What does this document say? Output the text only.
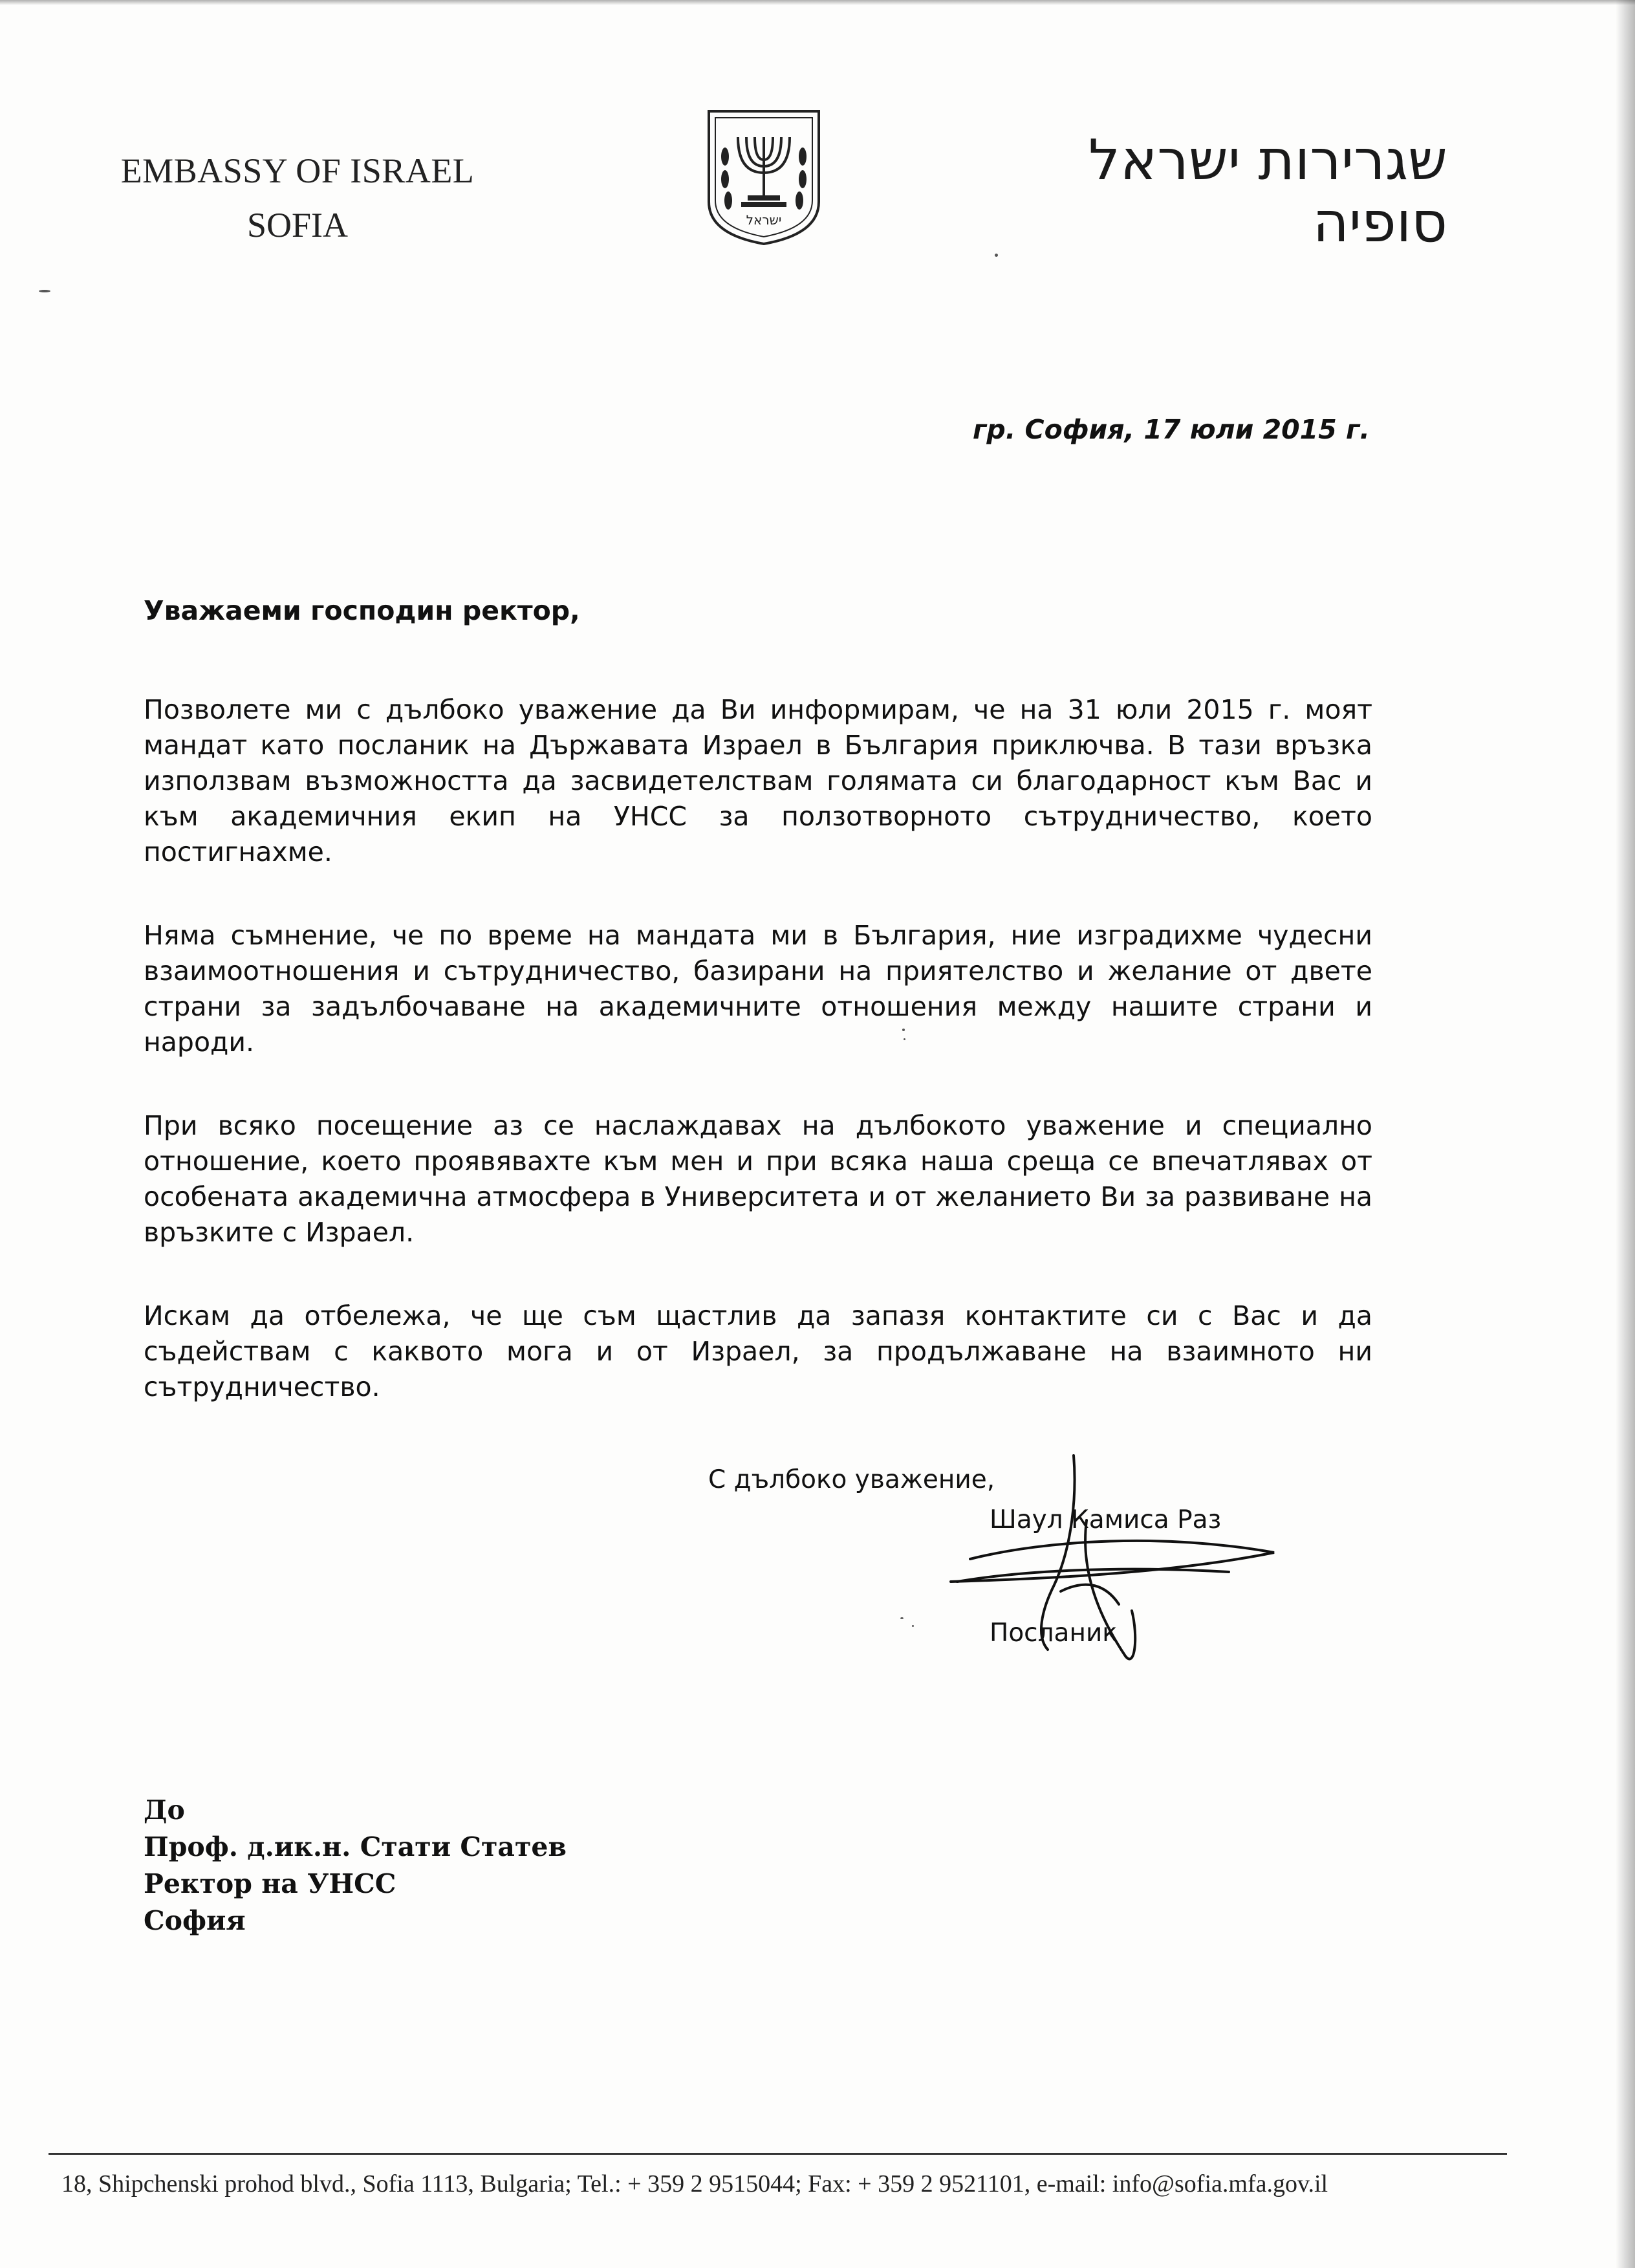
EMBASSY OF ISRAEL
SOFIA	ישראל
שגרירות ישראל
סופיה
гр. София, 17 юли 2015 г.
Уважаеми господин ректор,

Позволете ми с дълбоко уважение да Ви информирам, че на 31 юли 2015 г. моят мандат като посланик на Държавата Израел в България приключва. В тази връзка използвам възможността да засвидетелствам голямата си благодарност към Вас и към академичния екип на УНСС за ползотворното сътрудничество, което постигнахме.

Няма съмнение, че по време на мандата ми в България, ние изградихме чудесни взаимоотношения и сътрудничество, базирани на приятелство и желание от двете страни за задълбочаване на академичните отношения между нашите страни и народи.

При всяко посещение аз се наслаждавах на дълбокото уважение и специално отношение, което проявявахте към мен и при всяка наша среща се впечатлявах от особената академична атмосфера в Университета и от желанието Ви за развиване на връзките с Израел.

Искам да отбележа, че ще съм щастлив да запазя контактите си с Вас и да съдействам с каквото мога и от Израел, за продължаване на взаимното ни сътрудничество.

С дълбоко уважение,
Шаул Камиса Раз
Посланик
До
Проф. д.ик.н. Стати Статев
Ректор на УНСС
София
18, Shipchenski prohod blvd., Sofia 1113, Bulgaria; Tel.: + 359 2 9515044; Fax: + 359 2 9521101, e-mail: info@sofia.mfa.gov.il
